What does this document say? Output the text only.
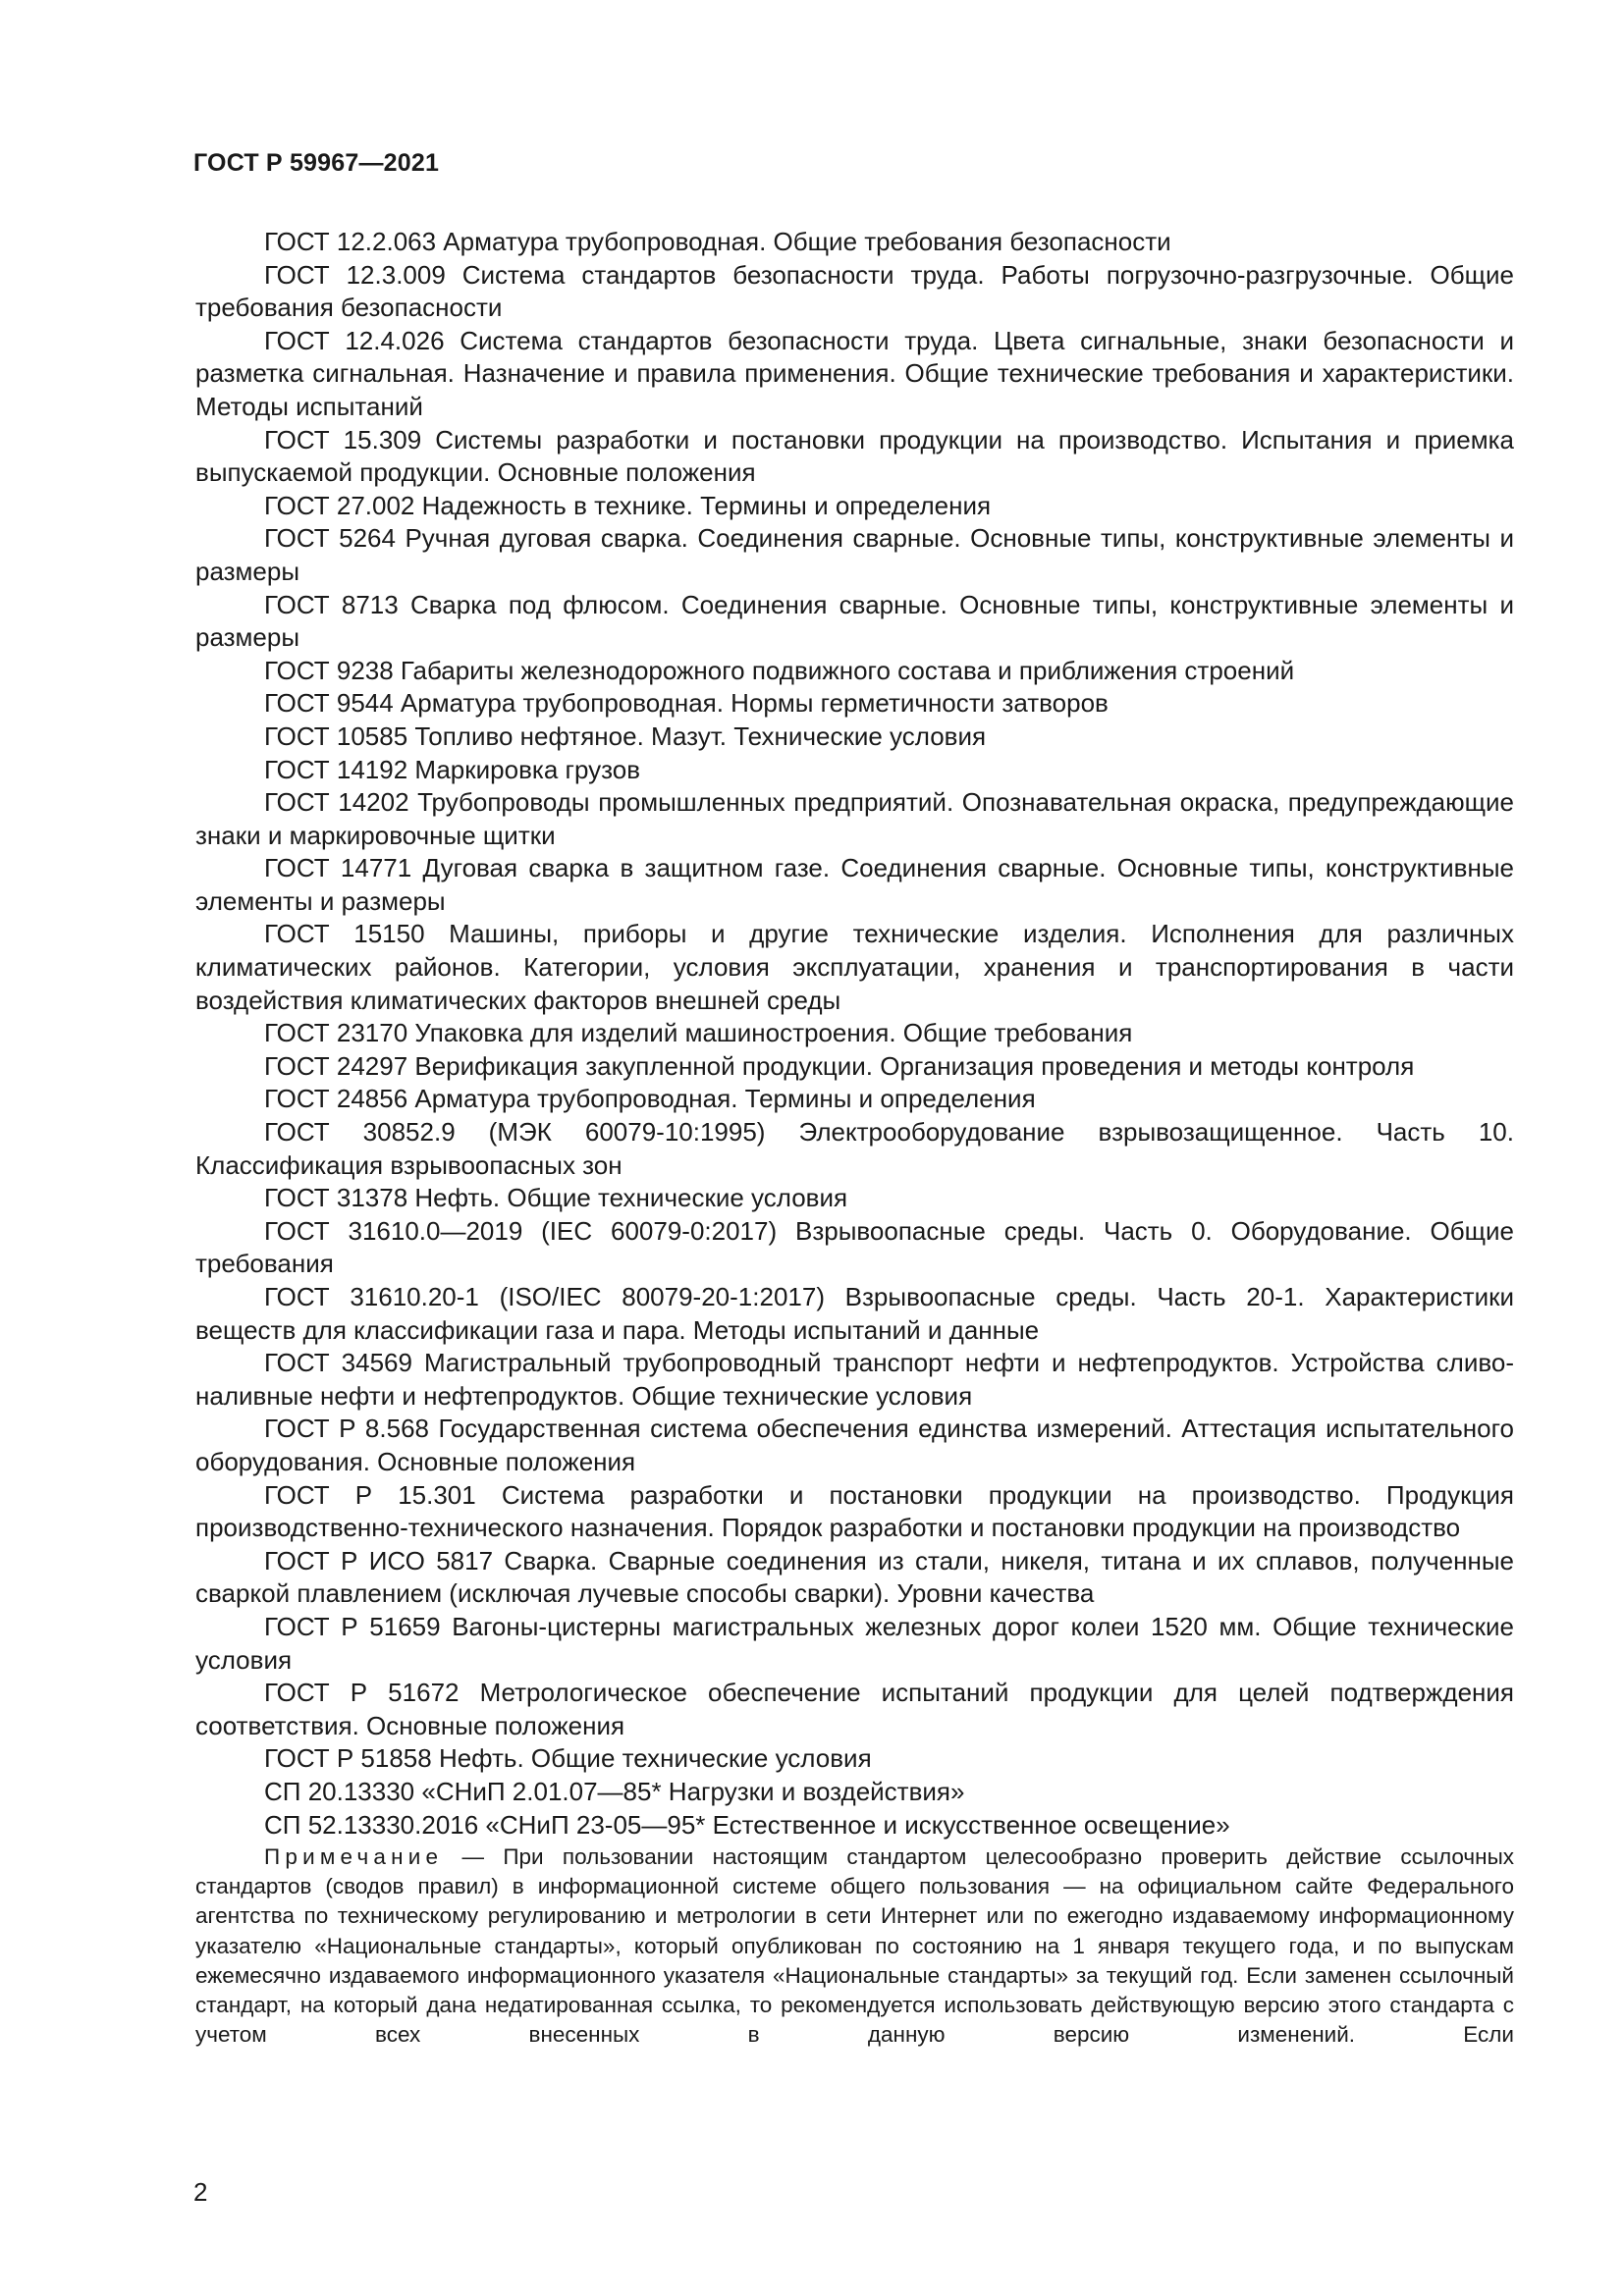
ГОСТ Р 59967—2021

ГОСТ 12.2.063 Арматура трубопроводная. Общие требования безопасности

ГОСТ 12.3.009 Система стандартов безопасности труда. Работы погрузочно-разгрузочные. Общие требования безопасности

ГОСТ 12.4.026 Система стандартов безопасности труда. Цвета сигнальные, знаки безопасности и разметка сигнальная. Назначение и правила применения. Общие технические требования и характеристики. Методы испытаний

ГОСТ 15.309 Системы разработки и постановки продукции на производство. Испытания и приемка выпускаемой продукции. Основные положения

ГОСТ 27.002 Надежность в технике. Термины и определения

ГОСТ 5264 Ручная дуговая сварка. Соединения сварные. Основные типы, конструктивные элементы и размеры

ГОСТ 8713 Сварка под флюсом. Соединения сварные. Основные типы, конструктивные элементы и размеры

ГОСТ 9238 Габариты железнодорожного подвижного состава и приближения строений

ГОСТ 9544 Арматура трубопроводная. Нормы герметичности затворов

ГОСТ 10585 Топливо нефтяное. Мазут. Технические условия

ГОСТ 14192 Маркировка грузов

ГОСТ 14202 Трубопроводы промышленных предприятий. Опознавательная окраска, предупреждающие знаки и маркировочные щитки

ГОСТ 14771 Дуговая сварка в защитном газе. Соединения сварные. Основные типы, конструктивные элементы и размеры

ГОСТ 15150 Машины, приборы и другие технические изделия. Исполнения для различных климатических районов. Категории, условия эксплуатации, хранения и транспортирования в части воздействия климатических факторов внешней среды

ГОСТ 23170 Упаковка для изделий машиностроения. Общие требования

ГОСТ 24297 Верификация закупленной продукции. Организация проведения и методы контроля

ГОСТ 24856 Арматура трубопроводная. Термины и определения

ГОСТ 30852.9 (МЭК 60079-10:1995) Электрооборудование взрывозащищенное. Часть 10. Классификация взрывоопасных зон

ГОСТ 31378 Нефть. Общие технические условия

ГОСТ 31610.0—2019 (IEC 60079-0:2017) Взрывоопасные среды. Часть 0. Оборудование. Общие требования

ГОСТ 31610.20-1 (ISO/IEC 80079-20-1:2017) Взрывоопасные среды. Часть 20-1. Характеристики веществ для классификации газа и пара. Методы испытаний и данные

ГОСТ 34569 Магистральный трубопроводный транспорт нефти и нефтепродуктов. Устройства сливо-наливные нефти и нефтепродуктов. Общие технические условия

ГОСТ Р 8.568 Государственная система обеспечения единства измерений. Аттестация испытательного оборудования. Основные положения

ГОСТ Р 15.301 Система разработки и постановки продукции на производство. Продукция производственно-технического назначения. Порядок разработки и постановки продукции на производство

ГОСТ Р ИСО 5817 Сварка. Сварные соединения из стали, никеля, титана и их сплавов, полученные сваркой плавлением (исключая лучевые способы сварки). Уровни качества

ГОСТ Р 51659 Вагоны-цистерны магистральных железных дорог колеи 1520 мм. Общие технические условия

ГОСТ Р 51672 Метрологическое обеспечение испытаний продукции для целей подтверждения соответствия. Основные положения

ГОСТ Р 51858 Нефть. Общие технические условия

СП 20.13330 «СНиП 2.01.07—85* Нагрузки и воздействия»

СП 52.13330.2016 «СНиП 23-05—95* Естественное и искусственное освещение»

Примечание — При пользовании настоящим стандартом целесообразно проверить действие ссылочных стандартов (сводов правил) в информационной системе общего пользования — на официальном сайте Федерального агентства по техническому регулированию и метрологии в сети Интернет или по ежегодно издаваемому информационному указателю «Национальные стандарты», который опубликован по состоянию на 1 января текущего года, и по выпускам ежемесячно издаваемого информационного указателя «Национальные стандарты» за текущий год. Если заменен ссылочный стандарт, на который дана недатированная ссылка, то рекомендуется использовать действующую версию этого стандарта с учетом всех внесенных в данную версию изменений. Если
2
